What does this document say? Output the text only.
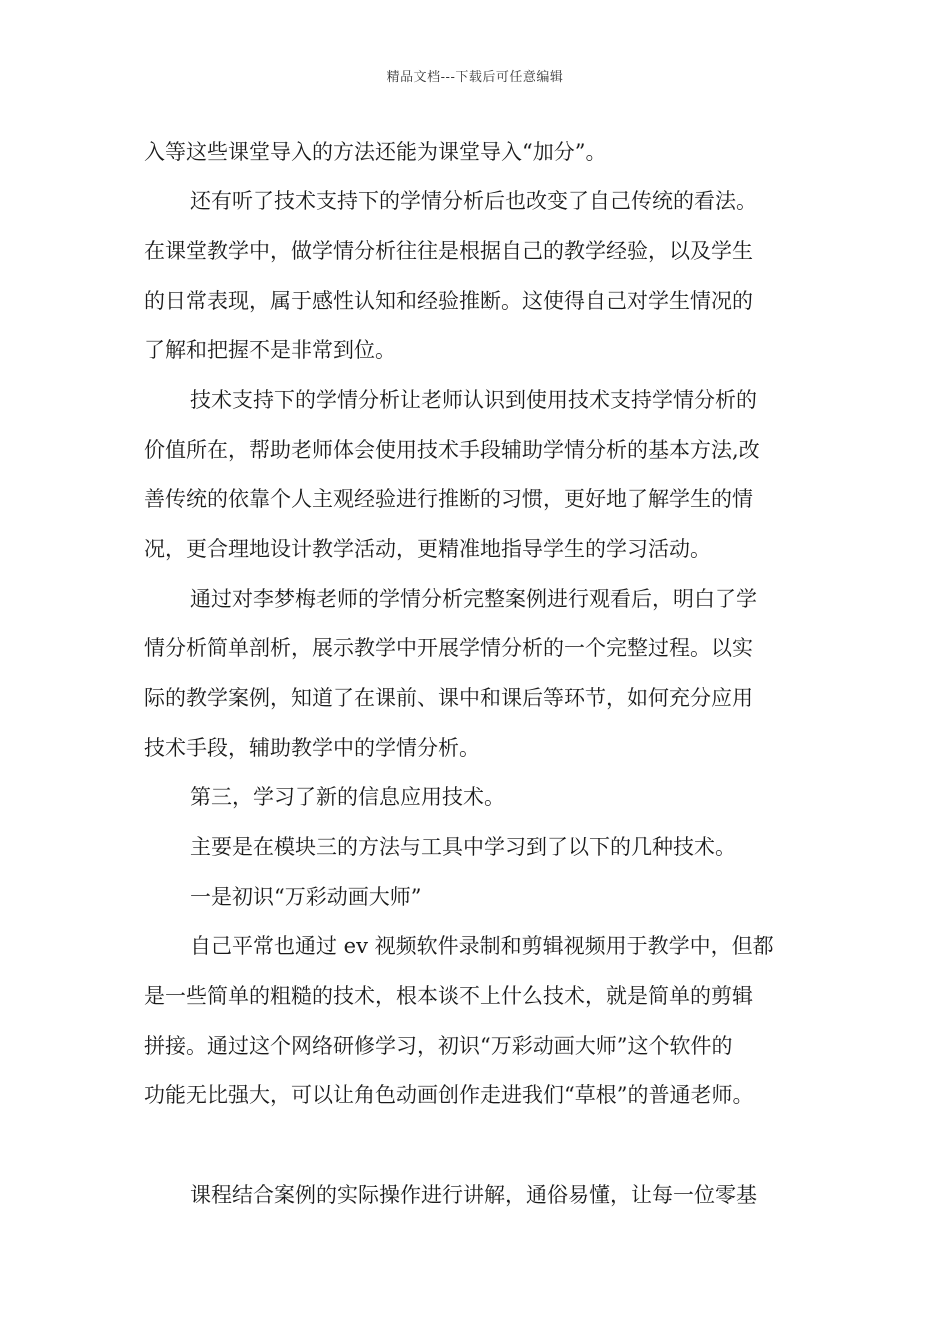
精品文档---下载后可任意编辑
入等这些课堂导入的方法还能为课堂导入“加分”。
还有听了技术支持下的学情分析后也改变了自己传统的看法。
在课堂教学中，做学情分析往往是根据自己的教学经验，以及学生
的日常表现，属于感性认知和经验推断。这使得自己对学生情况的
了解和把握不是非常到位。
技术支持下的学情分析让老师认识到使用技术支持学情分析的
价值所在，帮助老师体会使用技术手段辅助学情分析的基本方法,改
善传统的依靠个人主观经验进行推断的习惯，更好地了解学生的情
况，更合理地设计教学活动，更精准地指导学生的学习活动。
通过对李梦梅老师的学情分析完整案例进行观看后，明白了学
情分析简单剖析，展示教学中开展学情分析的一个完整过程。以实
际的教学案例，知道了在课前、课中和课后等环节，如何充分应用
技术手段，辅助教学中的学情分析。
第三，学习了新的信息应用技术。
主要是在模块三的方法与工具中学习到了以下的几种技术。
一是初识“万彩动画大师”
自己平常也通过 ev 视频软件录制和剪辑视频用于教学中，但都
是一些简单的粗糙的技术，根本谈不上什么技术，就是简单的剪辑
拼接。通过这个网络研修学习，初识“万彩动画大师”这个软件的
功能无比强大，可以让角色动画创作走进我们“草根”的普通老师。
课程结合案例的实际操作进行讲解，通俗易懂，让每一位零基
